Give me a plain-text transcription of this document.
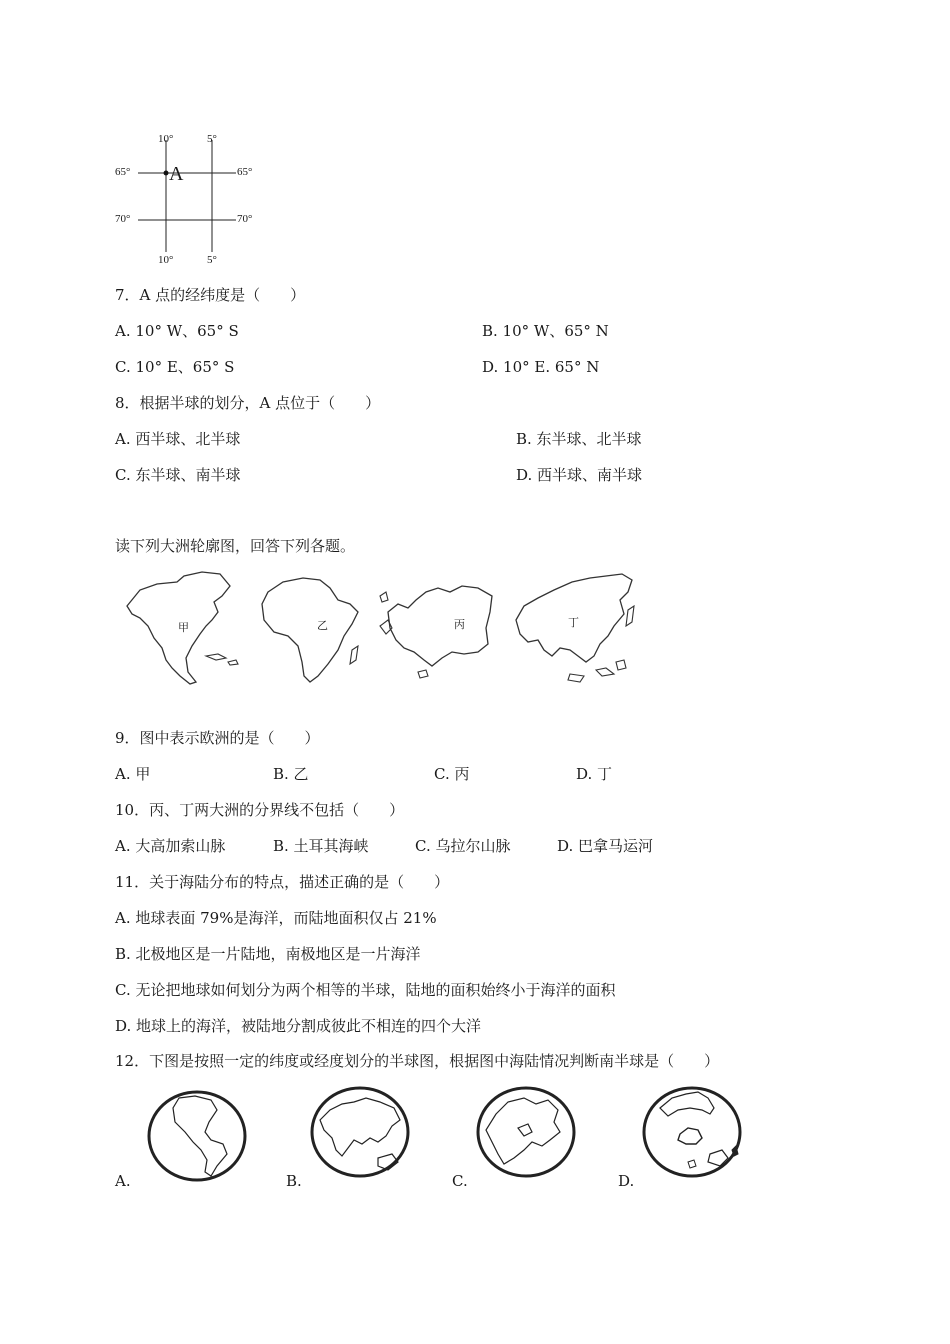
10°	5°
10°	5°
65°
70°
65°
70°
A
7．A 点的经纬度是（　　）
A. 10° W、65° S	B. 10° W、65° N
C. 10° E、65° S	D. 10° E. 65° N
8．根据半球的划分，A 点位于（　　）
A. 西半球、北半球	B. 东半球、北半球
C. 东半球、南半球	D. 西半球、南半球
读下列大洲轮廓图，回答下列各题。
甲	乙	丙	丁
9．图中表示欧洲的是（　　）
A. 甲	B. 乙	C. 丙	D. 丁
10．丙、丁两大洲的分界线不包括（　　）
A. 大高加索山脉	B. 土耳其海峡	C. 乌拉尔山脉	D. 巴拿马运河
11．关于海陆分布的特点，描述正确的是（　　）
A. 地球表面 79%是海洋，而陆地面积仅占 21%
B. 北极地区是一片陆地，南极地区是一片海洋
C. 无论把地球如何划分为两个相等的半球，陆地的面积始终小于海洋的面积
D. 地球上的海洋，被陆地分割成彼此不相连的四个大洋
12．下图是按照一定的纬度或经度划分的半球图，根据图中海陆情况判断南半球是（　　）
A.	B.	C.	D.
